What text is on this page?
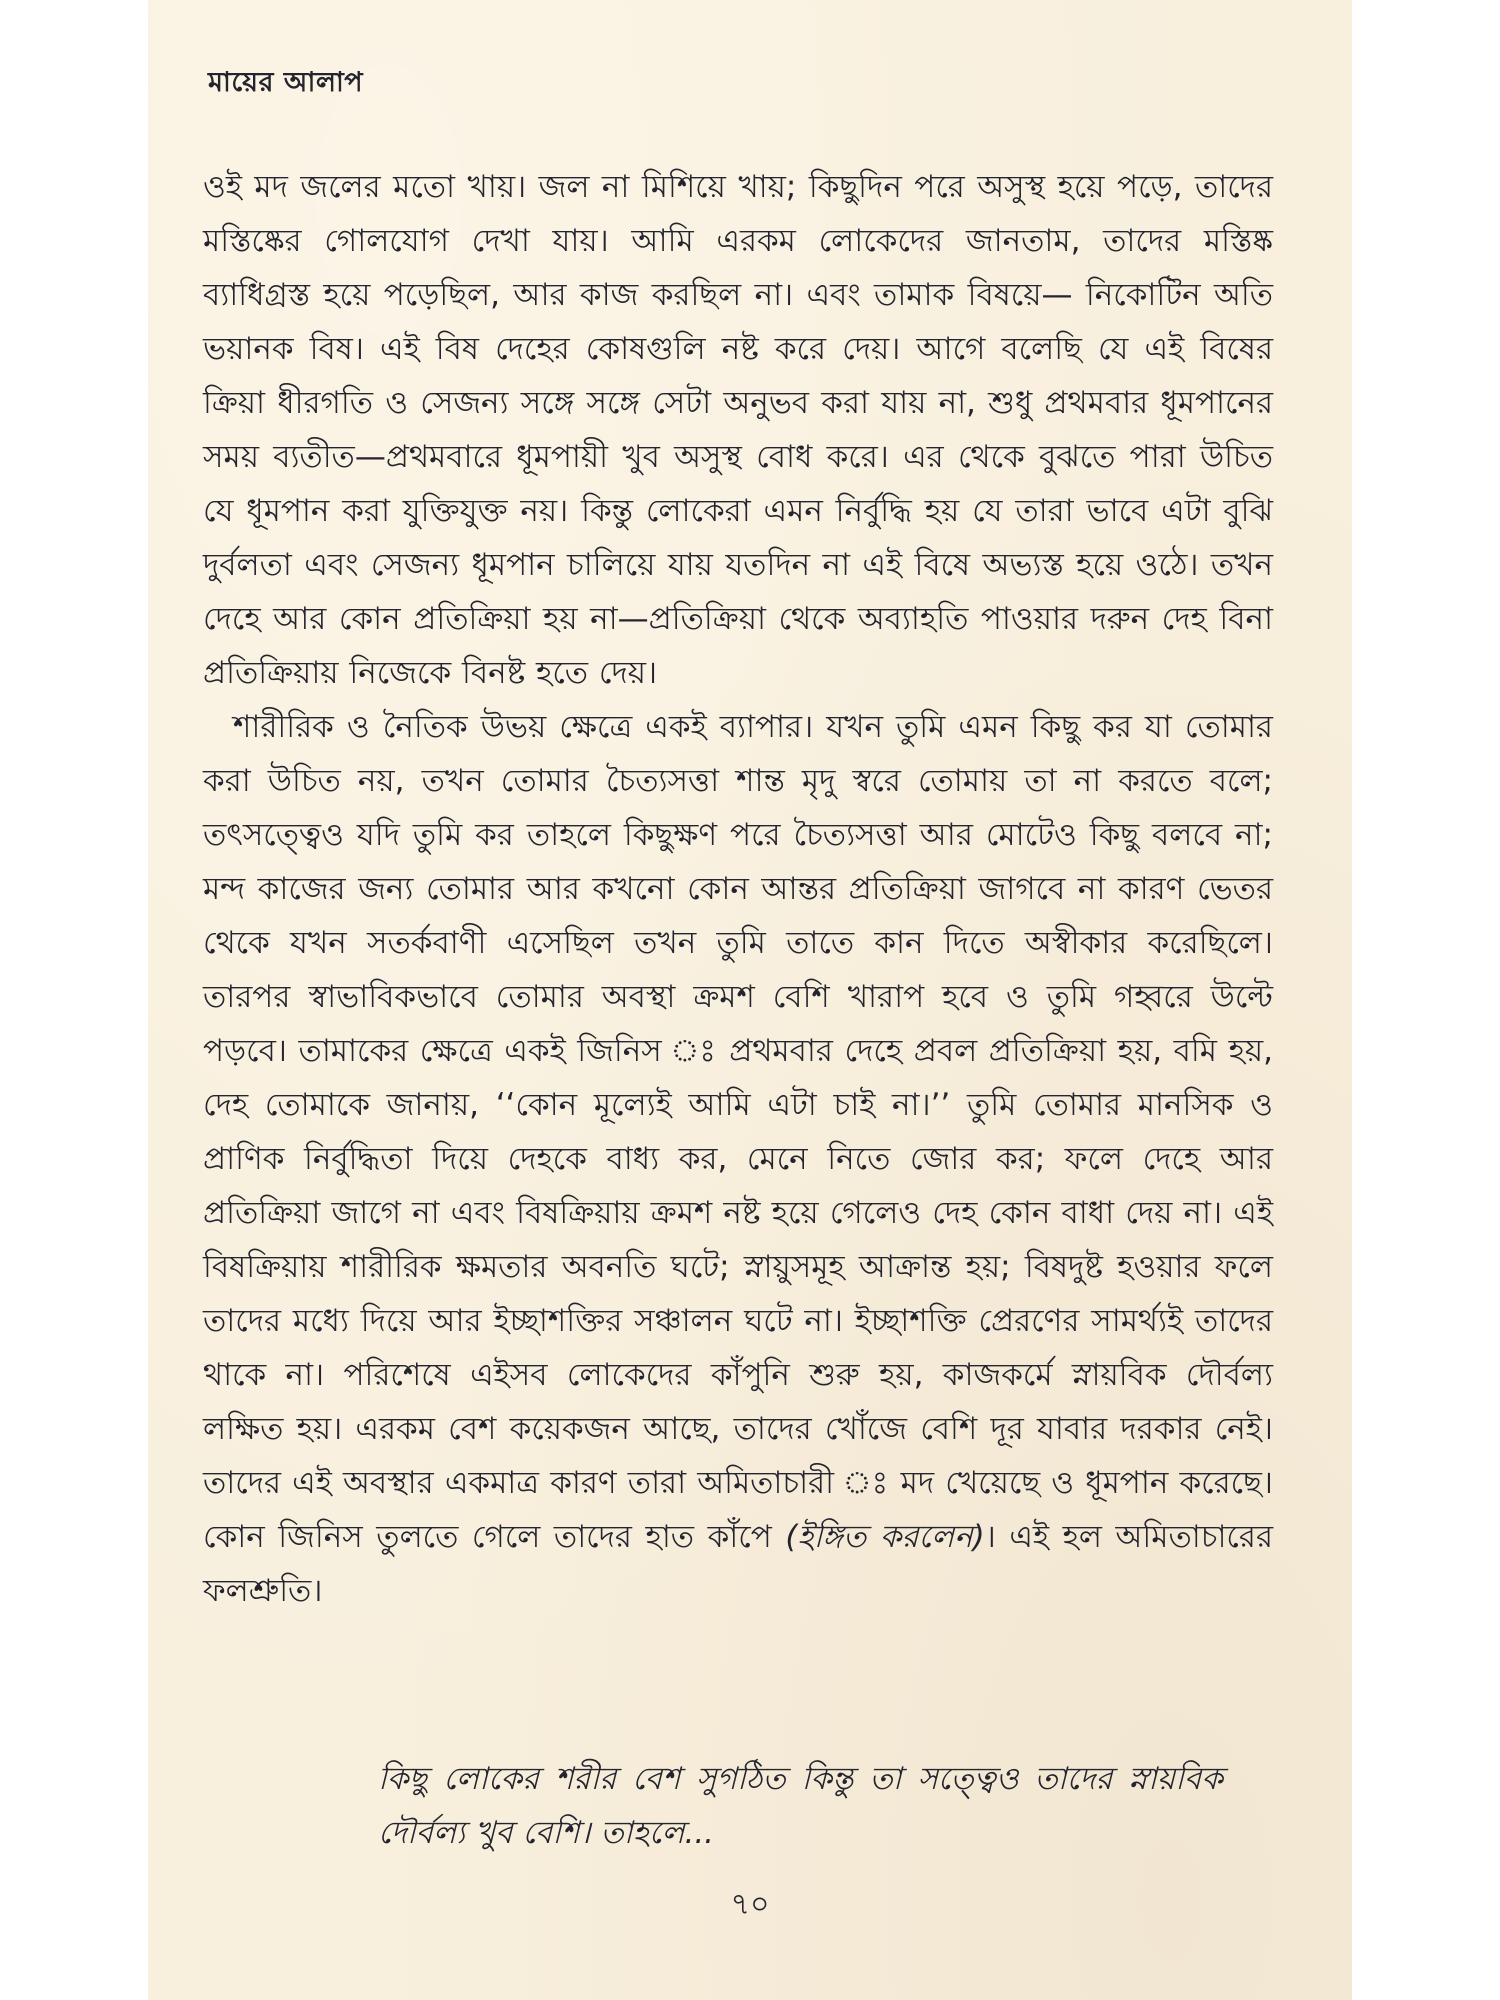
মায়ের আলাপ

ওই মদ জলের মতো খায়। জল না মিশিয়ে খায়; কিছুদিন পরে অসুস্থ হয়ে পড়ে, তাদের মস্তিষ্কের গোলযোগ দেখা যায়। আমি এরকম লোকেদের জানতাম, তাদের মস্তিষ্ক ব্যাধিগ্রস্ত হয়ে পড়েছিল, আর কাজ করছিল না। এবং তামাক বিষয়ে— নিকোটিন অতি ভয়ানক বিষ। এই বিষ দেহের কোষগুলি নষ্ট করে দেয়। আগে বলেছি যে এই বিষের ক্রিয়া ধীরগতি ও সেজন্য সঙ্গে সঙ্গে সেটা অনুভব করা যায় না, শুধু প্রথমবার ধূমপানের সময় ব্যতীত—প্রথমবারে ধূমপায়ী খুব অসুস্থ বোধ করে। এর থেকে বুঝতে পারা উচিত যে ধূমপান করা যুক্তিযুক্ত নয়। কিন্তু লোকেরা এমন নির্বুদ্ধি হয় যে তারা ভাবে এটা বুঝি দুর্বলতা এবং সেজন্য ধূমপান চালিয়ে যায় যতদিন না এই বিষে অভ্যস্ত হয়ে ওঠে। তখন দেহে আর কোন প্রতিক্রিয়া হয় না—প্রতিক্রিয়া থেকে অব্যাহতি পাওয়ার দরুন দেহ বিনা প্রতিক্রিয়ায় নিজেকে বিনষ্ট হতে দেয়।

শারীরিক ও নৈতিক উভয় ক্ষেত্রে একই ব্যাপার। যখন তুমি এমন কিছু কর যা তোমার করা উচিত নয়, তখন তোমার চৈত্যসত্তা শান্ত মৃদু স্বরে তোমায় তা না করতে বলে; তৎসত্ত্বেও যদি তুমি কর তাহলে কিছুক্ষণ পরে চৈত্যসত্তা আর মোটেও কিছু বলবে না; মন্দ কাজের জন্য তোমার আর কখনো কোন আন্তর প্রতিক্রিয়া জাগবে না কারণ ভেতর থেকে যখন সতর্কবাণী এসেছিল তখন তুমি তাতে কান দিতে অস্বীকার করেছিলে। তারপর স্বাভাবিকভাবে তোমার অবস্থা ক্রমশ বেশি খারাপ হবে ও তুমি গহ্বরে উল্টে পড়বে। তামাকের ক্ষেত্রে একই জিনিস ঃ প্রথমবার দেহে প্রবল প্রতিক্রিয়া হয়, বমি হয়, দেহ তোমাকে জানায়, ‘‘কোন মূল্যেই আমি এটা চাই না।’’ তুমি তোমার মানসিক ও প্রাণিক নির্বুদ্ধিতা দিয়ে দেহকে বাধ্য কর, মেনে নিতে জোর কর; ফলে দেহে আর প্রতিক্রিয়া জাগে না এবং বিষক্রিয়ায় ক্রমশ নষ্ট হয়ে গেলেও দেহ কোন বাধা দেয় না। এই বিষক্রিয়ায় শারীরিক ক্ষমতার অবনতি ঘটে; স্নায়ুসমূহ আক্রান্ত হয়; বিষদুষ্ট হওয়ার ফলে তাদের মধ্যে দিয়ে আর ইচ্ছাশক্তির সঞ্চালন ঘটে না। ইচ্ছাশক্তি প্রেরণের সামর্থ্যই তাদের থাকে না। পরিশেষে এইসব লোকেদের কাঁপুনি শুরু হয়, কাজকর্মে স্নায়বিক দৌর্বল্য লক্ষিত হয়। এরকম বেশ কয়েকজন আছে, তাদের খোঁজে বেশি দূর যাবার দরকার নেই। তাদের এই অবস্থার একমাত্র কারণ তারা অমিতাচারী ঃ মদ খেয়েছে ও ধূমপান করেছে। কোন জিনিস তুলতে গেলে তাদের হাত কাঁপে (ইঙ্গিত করলেন)। এই হল অমিতাচারের ফলশ্রুতি।

কিছু লোকের শরীর বেশ সুগঠিত কিন্তু তা সত্ত্বেও তাদের স্নায়বিক দৌর্বল্য খুব বেশি। তাহলে...

৭০
